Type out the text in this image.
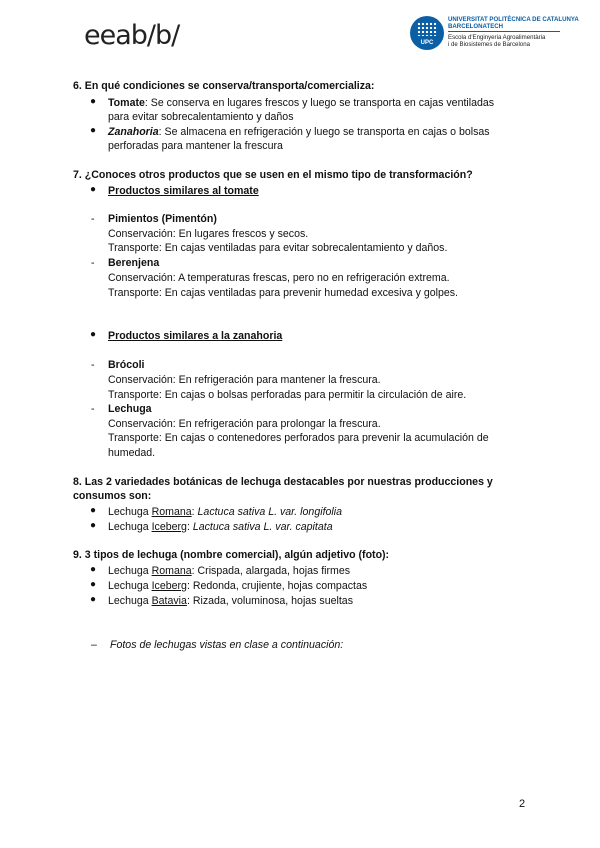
eeab/b/	UPC
UNIVERSITAT POLITÈCNICA DE CATALUNYA
BARCELONATECH
Escola d'Enginyeria Agroalimentària
i de Biosistemes de Barcelona
6. En qué condiciones se conserva/transporta/comercializa:
● Tomate: Se conserva en lugares frescos y luego se transporta en cajas ventiladas
para evitar sobrecalentamiento y daños
● Zanahoria: Se almacena en refrigeración y luego se transporta en cajas o bolsas
perforadas para mantener la frescura
7. ¿Conoces otros productos que se usen en el mismo tipo de transformación?
● Productos similares al tomate
- Pimientos (Pimentón)
Conservación: En lugares frescos y secos.
Transporte: En cajas ventiladas para evitar sobrecalentamiento y daños.
- Berenjena
Conservación: A temperaturas frescas, pero no en refrigeración extrema.
Transporte: En cajas ventiladas para prevenir humedad excesiva y golpes.
● Productos similares a la zanahoria
- Brócoli
Conservación: En refrigeración para mantener la frescura.
Transporte: En cajas o bolsas perforadas para permitir la circulación de aire.
- Lechuga
Conservación: En refrigeración para prolongar la frescura.
Transporte: En cajas o contenedores perforados para prevenir la acumulación de
humedad.
8. Las 2 variedades botánicas de lechuga destacables por nuestras producciones y
consumos son:
● Lechuga Romana: Lactuca sativa L. var. longifolia
● Lechuga Iceberg: Lactuca sativa L. var. capitata
9. 3 tipos de lechuga (nombre comercial), algún adjetivo (foto):
● Lechuga Romana: Crispada, alargada, hojas firmes
● Lechuga Iceberg: Redonda, crujiente, hojas compactas
● Lechuga Batavia: Rizada, voluminosa, hojas sueltas
– Fotos de lechugas vistas en clase a continuación:
2
